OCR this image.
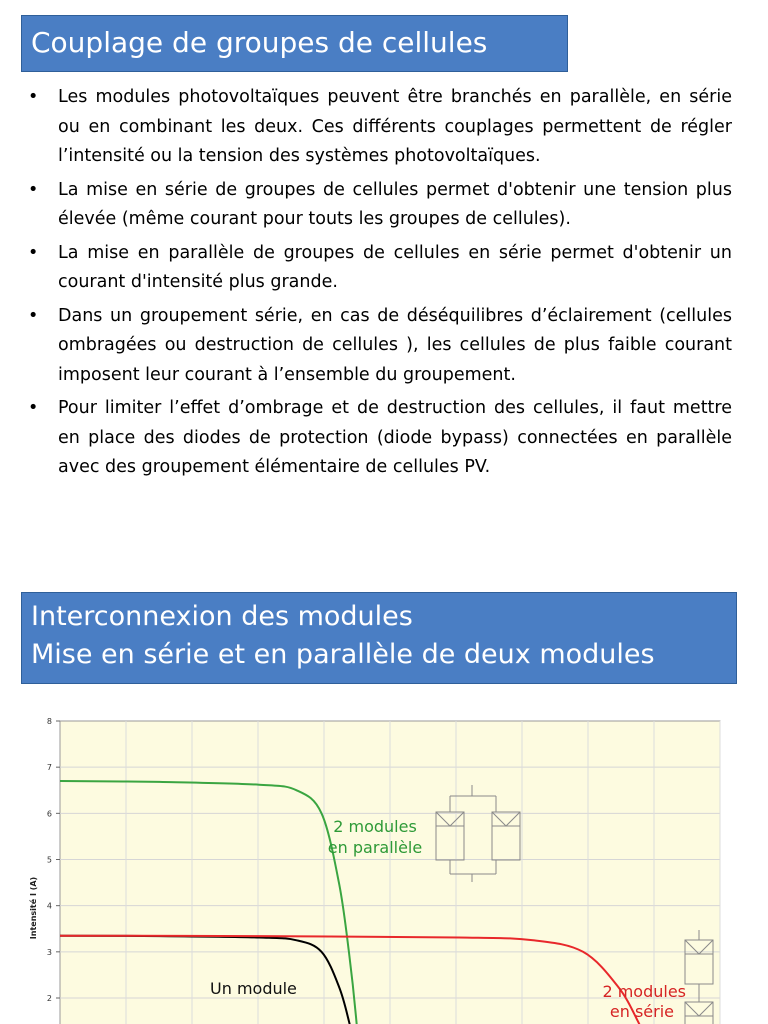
Couplage de groupes de cellules
• Les modules photovoltaïques peuvent être branchés en parallèle, en série ou en combinant les deux. Ces différents couplages permettent de régler l’intensité ou la tension des systèmes photovoltaïques.
• La mise en série de groupes de cellules permet d'obtenir une tension plus élevée (même courant pour touts les groupes de cellules).
• La mise en parallèle de groupes de cellules en série permet d'obtenir un courant d'intensité plus grande.
• Dans un groupement série, en cas de déséquilibres d’éclairement (cellules ombragées ou destruction de cellules ), les cellules de plus faible courant imposent leur courant à l’ensemble du groupement.
• Pour limiter l’effet d’ombrage et de destruction des cellules, il faut mettre en place des diodes de protection (diode bypass) connectées en parallèle avec des groupement élémentaire de cellules PV.
Interconnexion des modules
Mise en série et en parallèle de deux modules
2
3
4
5
6
7
8
Intensité I (A)
2 modules
en parallèle
Un module	2 modules
en série
